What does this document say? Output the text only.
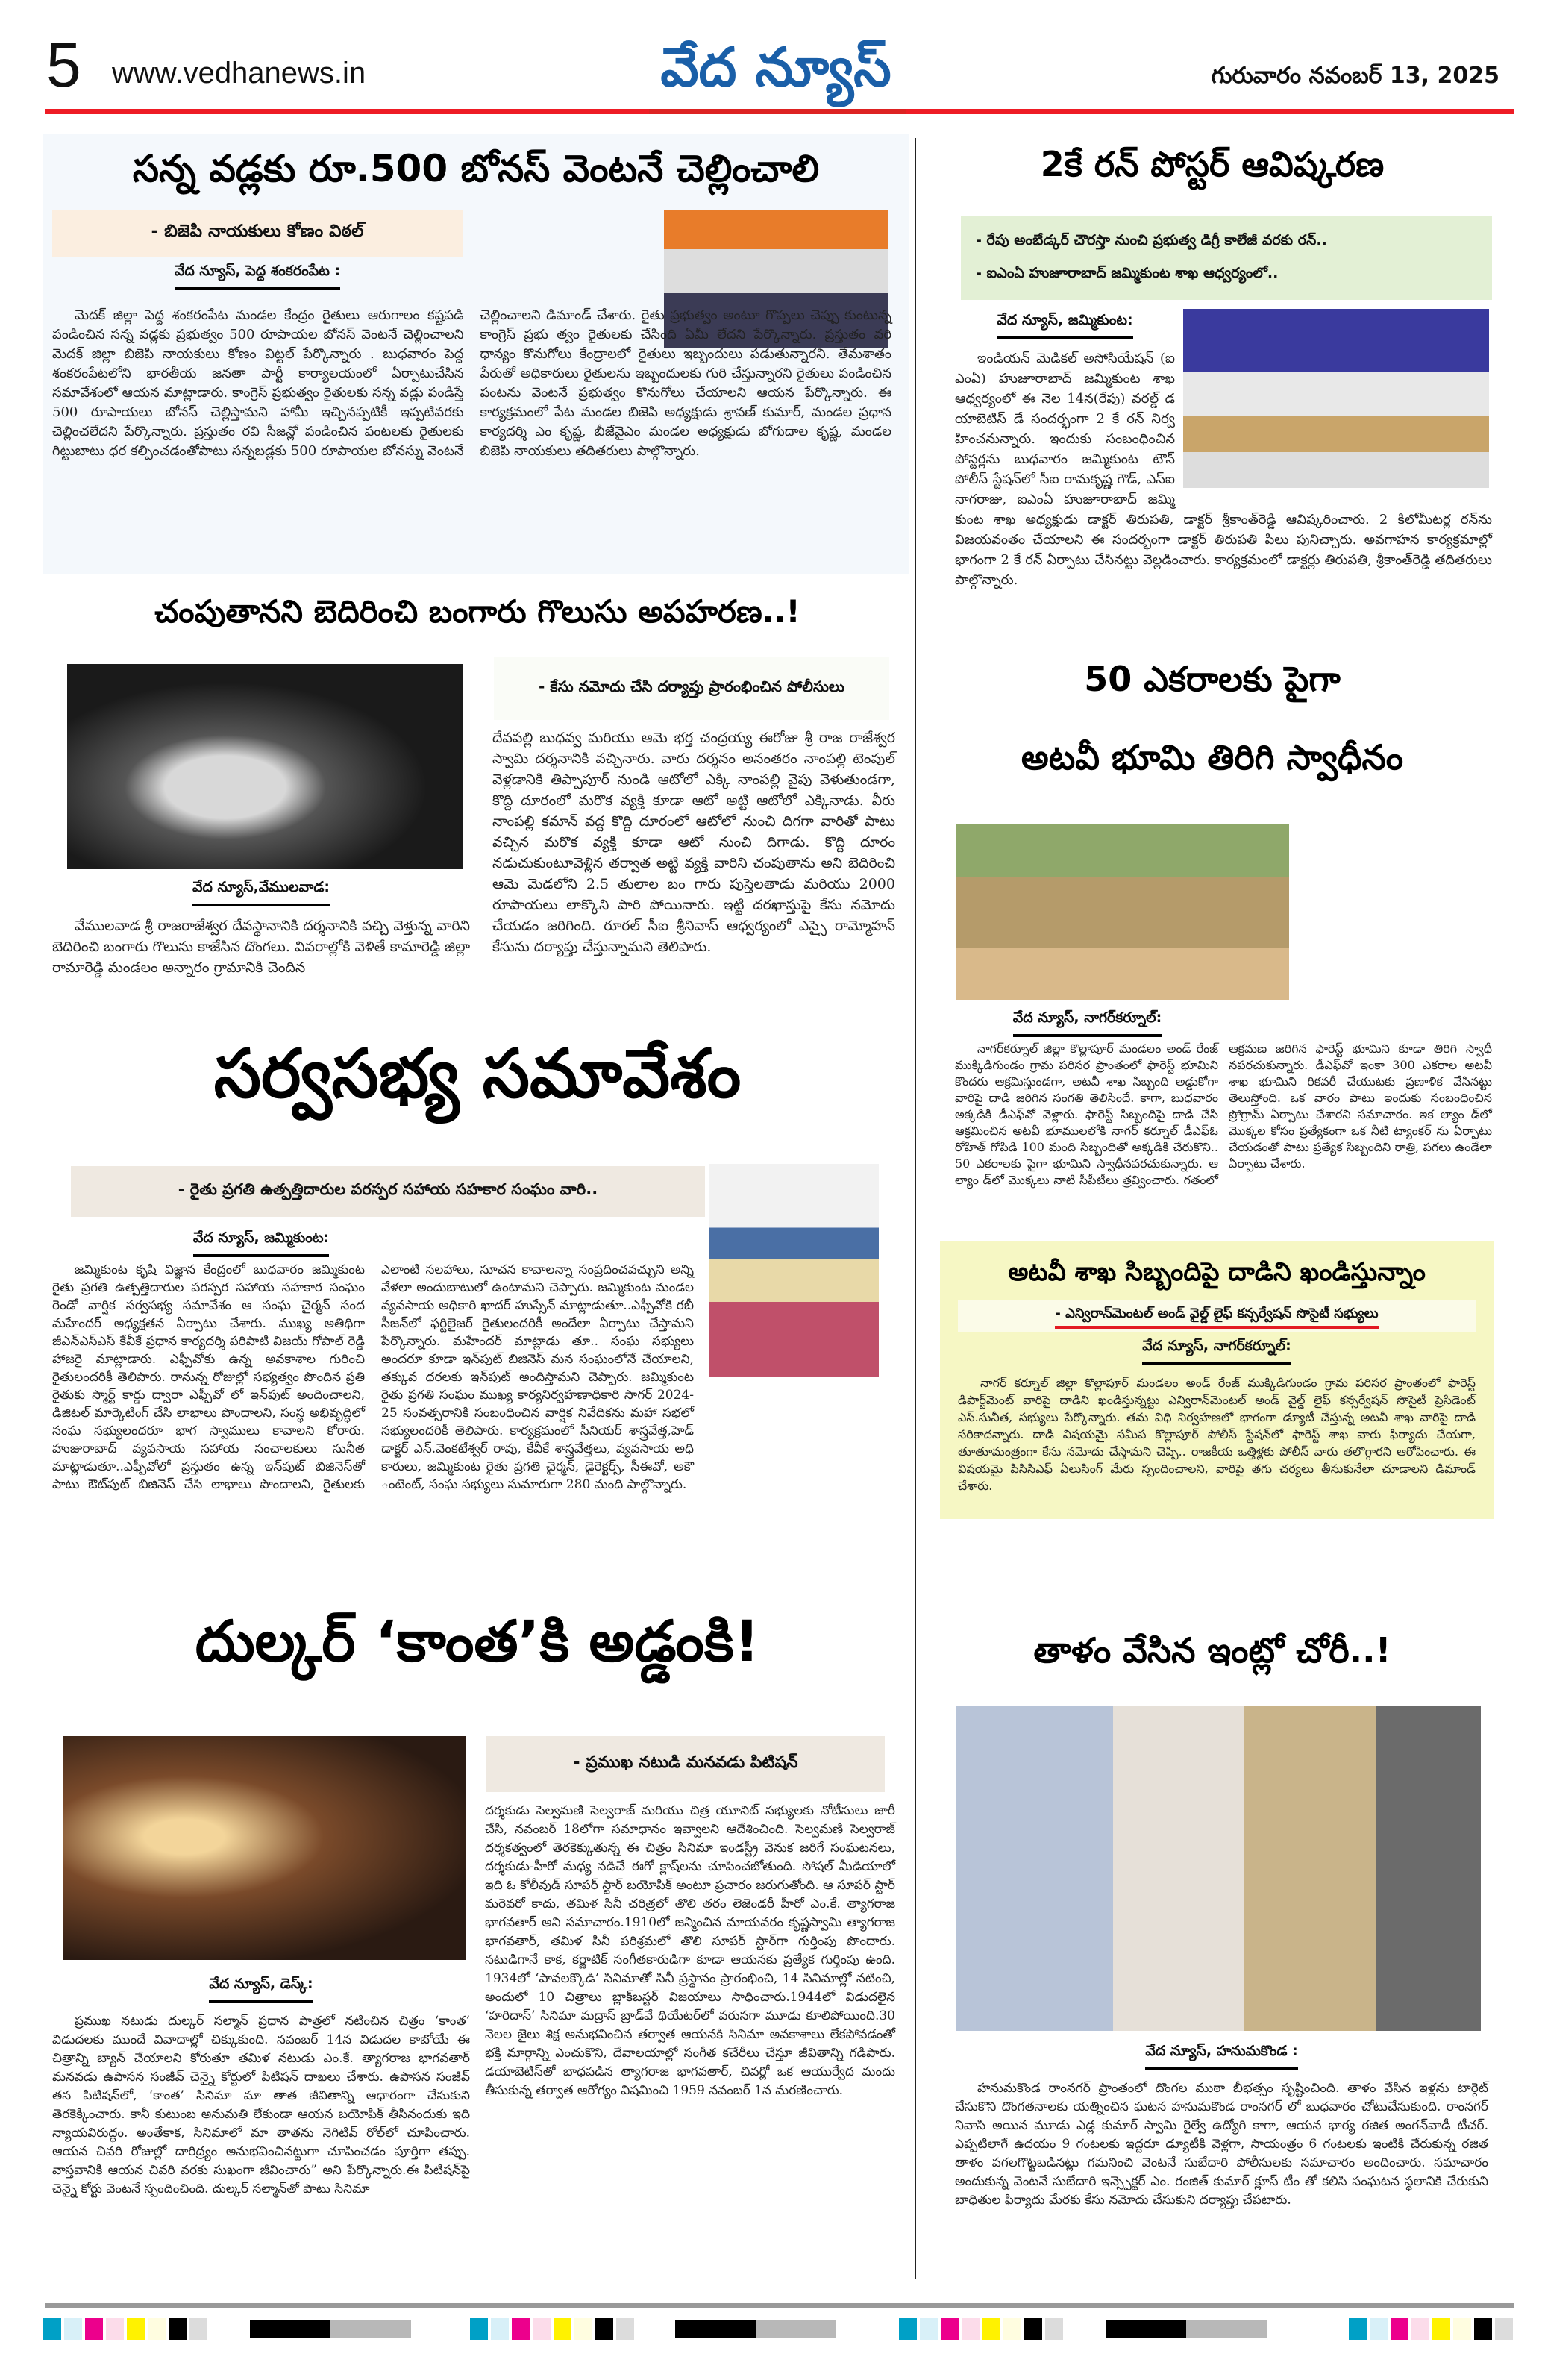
5 www.vedhanews.in	వేద న్యూస్	గురువారం నవంబర్ 13, 2025
సన్న వడ్లకు రూ.500 బోనస్ వెంటనే చెల్లించాలి
- బిజెపి నాయకులు కోణం విఠల్
వేద న్యూస్, పెద్ద శంకరంపేట :
మెదక్ జిల్లా పెద్ద శంకరంపేట మండల కేంద్రం రైతులు ఆరుగాలం కష్టపడి పండించిన సన్న వడ్లకు ప్రభుత్వం 500 రూపాయల బోనస్ వెంటనే చెల్లించాలని మెదక్ జిల్లా బిజెపి నాయకులు కోణం విట్టల్ పేర్కొన్నారు . బుధవారం పెద్ద శంకరంపేటలోని భారతీయ జనతా పార్టీ కార్యాలయంలో ఏర్పాటుచేసిన సమావేశంలో ఆయన మాట్లాడారు. కాంగ్రెస్ ప్రభుత్వం రైతులకు సన్న వడ్లు పండిస్తే 500 రూపాయలు బోనస్ చెల్లిస్తామని హామీ ఇచ్చినప్పటికీ ఇప్పటివరకు చెల్లించలేదని పేర్కొన్నారు. ప్రస్తుతం రవి సీజన్లో పండించిన పంటలకు రైతులకు గిట్టుబాటు ధర కల్పించడంతోపాటు సన్నబడ్లకు 500 రూపాయల బోనస్ను వెంటనే చెల్లించాలని డిమాండ్ చేశారు. రైతు ప్రభుత్వం అంటూ గొప్పలు చెప్పు కుంటున్న కాంగ్రెస్ ప్రభు త్వం రైతులకు చేసింది ఏమీ లేదని పేర్కొన్నారు. ప్రస్తుతం వరి ధాన్యం కొనుగోలు కేంద్రాలలో రైతులు ఇబ్బందులు పడుతున్నారని. తేమశాతం పేరుతో అధికారులు రైతులను ఇబ్బందులకు గురి చేస్తున్నారని రైతులు పండించిన పంటను వెంటనే ప్రభుత్వం కొనుగోలు చేయాలని ఆయన పేర్కొన్నారు. ఈ కార్యక్రమంలో పేట మండల బిజెపి అధ్యక్షుడు శ్రావణ్ కుమార్, మండల ప్రధాన కార్యదర్శి ఎం కృష్ణ, బీజేవైఎం మండల అధ్యక్షుడు బోగుదాల కృష్ణ, మండల బిజెపి నాయకులు తదితరులు పాల్గొన్నారు.
చంపుతానని బెదిరించి బంగారు గొలుసు అపహరణ..!
వేద న్యూస్,వేములవాడ:
వేములవాడ శ్రీ రాజరాజేశ్వర దేవస్థానానికి దర్శనానికి వచ్చి వెళ్తున్న వారిని బెదిరించి బంగారు గొలుసు కాజేసిన దొంగలు. వివరాల్లోకి వెళితే కామారెడ్డి జిల్లా రామారెడ్డి మండలం అన్నారం గ్రామానికి చెందిన
- కేసు నమోదు చేసి దర్యాప్తు ప్రారంభించిన పోలీసులు
దేవపల్లి బుధవ్వ మరియు ఆమె భర్త చంద్రయ్య ఈరోజు శ్రీ రాజ రాజేశ్వర స్వామి దర్శనానికి వచ్చినారు. వారు దర్శనం అనంతరం నాంపల్లి టెంపుల్ వెళ్లడానికి తిప్పాపూర్ నుండి ఆటోలో ఎక్కి నాంపల్లి వైపు వెళుతుండగా, కొద్ది దూరంలో మరొక వ్యక్తి కూడా ఆటో అట్టి ఆటోలో ఎక్కినాడు. వీరు నాంపల్లి కమాన్ వద్ద కొద్ది దూరంలో ఆటోలో నుంచి దిగగా వారితో పాటు వచ్చిన మరొక వ్యక్తి కూడా ఆటో నుంచి దిగాడు. కొద్ది దూరం నడుచుకుంటూవెళ్లిన తర్వాత అట్టి వ్యక్తి వారిని చంపుతాను అని బెదిరించి ఆమె మెడలోని 2.5 తులాల బం గారు పుస్తెలతాడు మరియు 2000 రూపాయలు లాక్కొని పారి పోయినారు. ఇట్టి దరఖాస్తుపై కేసు నమోదు చేయడం జరిగింది. రూరల్ సీఐ శ్రీనివాస్ ఆధ్వర్యంలో ఎస్సై రామ్మోహన్ కేసును దర్యాప్తు చేస్తున్నామని తెలిపారు.
సర్వసభ్య సమావేశం
- రైతు ప్రగతి ఉత్పత్తిదారుల పరస్పర సహాయ సహకార సంఘం వారి..
వేద న్యూస్, జమ్మికుంట:
జమ్మికుంట కృషి విజ్ఞాన కేంద్రంలో బుధవారం జమ్మికుంట రైతు ప్రగతి ఉత్పత్తిదారుల పరస్పర సహాయ సహకార సంఘం రెండో వార్షిక సర్వసభ్య సమావేశం ఆ సంఘ చైర్మన్ సంద మహేందర్ అధ్యక్షతన ఏర్పాటు చేశారు. ముఖ్య అతిథిగా జీఎన్ఎస్ఎస్ కేవీకే ప్రధాన కార్యదర్శి పరిపాటి విజయ్ గోపాల్ రెడ్డి హాజరై మాట్లాడారు. ఎఫ్పీవోకు ఉన్న అవకాశాల గురించి రైతులందరికీ తెలిపారు. రానున్న రోజుల్లో సభ్యత్వం పొందిన ప్రతి రైతుకు స్మార్ట్ కార్డు ద్వారా ఎఫ్పీవో లో ఇన్‌పుట్ అందించాలని, డిజిటల్ మార్కెటింగ్ చేసి లాభాలు పొందాలని, సంస్థ అభివృద్ధిలో సంఘ సభ్యులందరూ భాగ స్వాములు కావాలని కోరారు. హుజురాబాద్ వ్యవసాయ సహాయ సంచాలకులు సునీత మాట్లాడుతూ..ఎఫ్పీవోలో ప్రస్తుతం ఉన్న ఇన్‌పుట్ బిజినెస్‌తో పాటు ఔట్‌పుట్ బిజినెస్ చేసి లాభాలు పొందాలని, రైతులకు ఎలాంటి సలహాలు, సూచన కావాలన్నా సంప్రదించవచ్చుని అన్ని వేళలా అందుబాటులో ఉంటామని చెప్పారు. జమ్మికుంట మండల వ్యవసాయ అధికారి ఖాదర్ హుస్సేన్ మాట్లాడుతూ..ఎఫ్పీవోకి రబీ సీజన్‌లో ఫర్టిలైజర్ రైతులందరికీ అందేలా ఏర్పాటు చేస్తామని పేర్కొన్నారు. మహేందర్ మాట్లాడు తూ.. సంఘ సభ్యులు అందరూ కూడా ఇన్‌పుట్ బిజినెస్ మన సంఘంలోనే చేయాలని, తక్కువ ధరలకు ఇన్‌పుట్ అందిస్తామని చెప్పారు. జమ్మికుంట రైతు ప్రగతి సంఘం ముఖ్య కార్యనిర్వహణాధికారి సాగర్ 2024-25 సంవత్సరానికి సంబంధించిన వార్షిక నివేదికను మహా సభలో సభ్యులందరికీ తెలిపారు. కార్యక్రమంలో సీనియర్ శాస్త్రవేత్త,హెడ్ డాక్టర్ ఎన్.వెంకటేశ్వర్ రావు, కేవీకే శాస్త్రవేత్తలు, వ్యవసాయ అధి కారులు, జమ్మికుంట రైతు ప్రగతి చైర్మన్, డైరెక్టర్స్, సీఈవో, అకౌ ంటెంట్, సంఘ సభ్యులు సుమారుగా 280 మంది పాల్గొన్నారు.
దుల్కర్ ‘కాంత’కి అడ్డంకి!
వేద న్యూస్, డెస్క్:
ప్రముఖ నటుడు దుల్కర్ సల్మాన్ ప్రధాన పాత్రలో నటించిన చిత్రం ‘కాంత’ విడుదలకు ముందే వివాదాల్లో చిక్కుకుంది. నవంబర్ 14న విడుదల కాబోయే ఈ చిత్రాన్ని బ్యాన్ చేయాలని కోరుతూ తమిళ నటుడు ఎం.కే. త్యాగరాజ భాగవతార్ మనవడు ఉపాసన సంజీవ్ చెన్నై కోర్టులో పిటిషన్ దాఖలు చేశారు. ఉపాసన సంజీవ్ తన పిటిషన్‌లో, ‘కాంత’ సినిమా మా తాత జీవితాన్ని ఆధారంగా చేసుకుని తెరకెక్కించారు. కానీ కుటుంబ అనుమతి లేకుండా ఆయన బయోపిక్ తీసినందుకు ఇది న్యాయవిరుద్ధం. అంతేకాక, సినిమాలో మా తాతను నెగిటివ్ రోల్‌లో చూపించారు. ఆయన చివరి రోజుల్లో దారిద్ర్యం అనుభవించినట్టుగా చూపించడం పూర్తిగా తప్పు. వాస్తవానికి ఆయన చివరి వరకు సుఖంగా జీవించారు” అని పేర్కొన్నారు.ఈ పిటిషన్‌పై చెన్నై కోర్టు వెంటనే స్పందించింది. దుల్కర్ సల్మాన్‌తో పాటు సినిమా
- ప్రముఖ నటుడి మనవడు పిటిషన్
దర్శకుడు సెల్వమణి సెల్వరాజ్ మరియు చిత్ర యూనిట్ సభ్యులకు నోటీసులు జారీ చేసి, నవంబర్ 18లోగా సమాధానం ఇవ్వాలని ఆదేశించింది. సెల్వమణి సెల్వరాజ్ దర్శకత్వంలో తెరకెక్కుతున్న ఈ చిత్రం సినిమా ఇండస్ట్రీ వెనుక జరిగే సంఘటనలు, దర్శకుడు-హీరో మధ్య నడిచే ఈగో క్లాష్‌లను చూపించబోతుంది. సోషల్ మీడియాలో ఇది ఓ కోలీవుడ్ సూపర్ స్టార్ బయోపిక్ అంటూ ప్రచారం జరుగుతోంది. ఆ సూపర్ స్టార్ మరెవరో కాదు, తమిళ సినీ చరిత్రలో తొలి తరం లెజెండరీ హీరో ఎం.కే. త్యాగరాజ భాగవతార్ అని సమాచారం.1910లో జన్మించిన మాయవరం కృష్ణస్వామి త్యాగరాజ భాగవతార్, తమిళ సినీ పరిశ్రమలో తొలి సూపర్ స్టార్‌గా గుర్తింపు పొందారు. నటుడిగానే కాక, కర్ణాటిక్ సంగీతకారుడిగా కూడా ఆయనకు ప్రత్యేక గుర్తింపు ఉంది. 1934లో ‘పావలక్కొడి’ సినిమాతో సినీ ప్రస్థానం ప్రారంభించి, 14 సినిమాల్లో నటించి, అందులో 10 చిత్రాలు బ్లాక్‌బస్టర్ విజయాలు సాధించారు.1944లో విడుదలైన ‘హరిదాస్’ సినిమా మద్రాస్ బ్రాడ్‌వే థియేటర్‌లో వరుసగా మూడు కూలిపోయింది.30 నెలల జైలు శిక్ష అనుభవించిన తర్వాత ఆయనకి సినిమా అవకాశాలు లేకపోవడంతో భక్తి మార్గాన్ని ఎంచుకొని, దేవాలయాల్లో సంగీత కచేరీలు చేస్తూ జీవితాన్ని గడిపారు. డయాబెటిస్‌తో బాధపడిన త్యాగరాజ భాగవతార్, చివర్లో ఒక ఆయుర్వేద మందు తీసుకున్న తర్వాత ఆరోగ్యం విషమించి 1959 నవంబర్ 1న మరణించారు.
2కే రన్ పోస్టర్ ఆవిష్కరణ
- రేపు అంబేడ్కర్ చౌరస్తా నుంచి ప్రభుత్వ డిగ్రీ కాలేజీ వరకు రన్..
- ఐఎంఏ హుజూరాబాద్ జమ్మికుంట శాఖ ఆధ్వర్యంలో..
వేద న్యూస్, జమ్మికుంట:
ఇండియన్ మెడికల్ అసోసియేషన్ (ఐ ఎంఏ) హుజూరాబాద్ జమ్మికుంట శాఖ ఆధ్వర్యంలో ఈ నెల 14న(రేపు) వరల్డ్ డ యాబెటిస్ డే సందర్భంగా 2 కే రన్ నిర్వ హించనున్నారు. ఇందుకు సంబంధించిన పోస్టర్లను బుధవారం జమ్మికుంట టౌన్ పోలీస్ స్టేషన్‌లో సీఐ రామకృష్ణ గౌడ్, ఎస్ఐ నాగరాజు, ఐఎంఏ హుజూరాబాద్ జమ్మి కుంట శాఖ అధ్యక్షుడు డాక్టర్ తిరుపతి, డాక్టర్ శ్రీకాంత్‌రెడ్డి ఆవిష్కరించారు. 2 కిలోమీటర్ల రన్‌ను విజయవంతం చేయాలని ఈ సందర్భంగా డాక్టర్ తిరుపతి పిలు పునిచ్చారు. అవగాహన కార్యక్రమాల్లో భాగంగా 2 కే రన్ ఏర్పాటు చేసినట్టు వెల్లడించారు. కార్యక్రమంలో డాక్టర్లు తిరుపతి, శ్రీకాంత్‌రెడ్డి తదితరులు పాల్గొన్నారు.
50 ఎకరాలకు పైగా
అటవీ భూమి తిరిగి స్వాధీనం
వేద న్యూస్, నాగర్‌కర్నూల్:
నాగర్‌కర్నూల్ జిల్లా కొల్లాపూర్ మండలం అండ్ రేంజ్ ముక్కిడిగుండం గ్రామ పరిసర ప్రాంతంలో ఫారెస్ట్ భూమిని కొందరు ఆక్రమిస్తుండగా, అటవీ శాఖ సిబ్బంది అడ్డుకోగా వారిపై దాడి జరిగిన సంగతి తెలిసిందే. కాగా, బుధవారం అక్కడికి డీఎఫ్‌వో వెళ్లారు. ఫారెస్ట్ సిబ్బందిపై దాడి చేసి ఆక్రమించిన అటవీ భూములలోకి నాగర్ కర్నూల్ డీఎఫ్ఓ రోహిత్ గోపిడి 100 మంది సిబ్బందితో అక్కడికి చేరుకొని.. 50 ఎకరాలకు పైగా భూమిని స్వాధీనపరచుకున్నారు. ఆ ల్యాం డ్‌లో మొక్కలు నాటి సీపీటీలు త్రవ్వించారు. గతంలో ఆక్రమణ జరిగిన ఫారెస్ట్ భూమిని కూడా తిరిగి స్వాధీ నపరచుకున్నారు. డీఎఫ్‌వో ఇంకా 300 ఎకరాల అటవీ శాఖ భూమిని రికవరీ చేయుటకు ప్రణాళిక వేసినట్టు తెలుస్తోంది. ఒక వారం పాటు ఇందుకు సంబంధించిన ప్రోగ్రామ్ ఏర్పాటు చేశారని సమాచారం. ఇక ల్యాం డ్‌లో మొక్కల కోసం ప్రత్యేకంగా ఒక నీటి ట్యాంకర్ ను ఏర్పాటు చేయడంతో పాటు ప్రత్యేక సిబ్బందిని రాత్రి, పగలు ఉండేలా ఏర్పాటు చేశారు.
అటవీ శాఖ సిబ్బందిపై దాడిని ఖండిస్తున్నాం
- ఎన్విరాన్‌మెంటల్ అండ్ వైల్డ్ లైఫ్ కన్సర్వేషన్ సొసైటీ సభ్యులు
వేద న్యూస్, నాగర్‌కర్నూల్:
నాగర్ కర్నూల్ జిల్లా కొల్లాపూర్ మండలం అండ్ రేంజ్ ముక్కిడిగుండం గ్రామ పరిసర ప్రాంతంలో ఫారెస్ట్ డిపార్ట్‌మెంట్ వారిపై దాడిని ఖండిస్తున్నట్టు ఎన్విరాన్‌మెంటల్ అండ్ వైల్డ్ లైఫ్ కన్సర్వేషన్ సొసైటీ ప్రెసిడెంట్ ఎస్.సునీత, సభ్యులు పేర్కొన్నారు. తమ విధి నిర్వహణలో భాగంగా డ్యూటీ చేస్తున్న అటవీ శాఖ వారిపై దాడి సరికాదన్నారు. దాడి విషయమై సమీప కొల్లాపూర్ పోలీస్ స్టేషన్‌లో ఫారెస్ట్ శాఖ వారు ఫిర్యాదు చేయగా, తూతూమంత్రంగా కేసు నమోదు చేస్తామని చెప్పి.. రాజకీయ ఒత్తిళ్లకు పోలీస్ వారు తలొగ్గారని ఆరోపించారు. ఈ విషయమై పిసిసిఎఫ్ ఏలుసింగ్ మేరు స్పందించాలని, వారిపై తగు చర్యలు తీసుకునేలా చూడాలని డిమాండ్ చేశారు.
తాళం వేసిన ఇంట్లో చోరీ..!
వేద న్యూస్, హనుమకొండ :
హనుమకొండ రాంనగర్ ప్రాంతంలో దొంగల ముఠా బీభత్సం సృష్టించింది. తాళం వేసిన ఇళ్లను టార్గెట్ చేసుకొని దొంగతనాలకు యత్నించిన ఘటన హనుమకొండ రాంనగర్ లో బుధవారం చోటుచేసుకుంది. రాంనగర్ నివాసి అయిన మూడు ఎడ్ల కుమార్ స్వామి రైల్వే ఉద్యోగి కాగా, ఆయన భార్య రజిత అంగన్‌వాడీ టీచర్. ఎప్పటిలాగే ఉదయం 9 గంటలకు ఇద్దరూ డ్యూటీకి వెళ్లగా, సాయంత్రం 6 గంటలకు ఇంటికి చేరుకున్న రజిత తాళం పగలగొట్టబడినట్లు గమనించి వెంటనే సుబేదారి పోలీసులకు సమాచారం అందించారు. సమాచారం అందుకున్న వెంటనే సుబేదారి ఇన్స్పెక్టర్ ఎం. రంజిత్ కుమార్ క్లూస్ టీం తో కలిసి సంఘటన స్థలానికి చేరుకుని బాధితుల ఫిర్యాదు మేరకు కేసు నమోదు చేసుకుని దర్యాప్తు చేపటారు.
